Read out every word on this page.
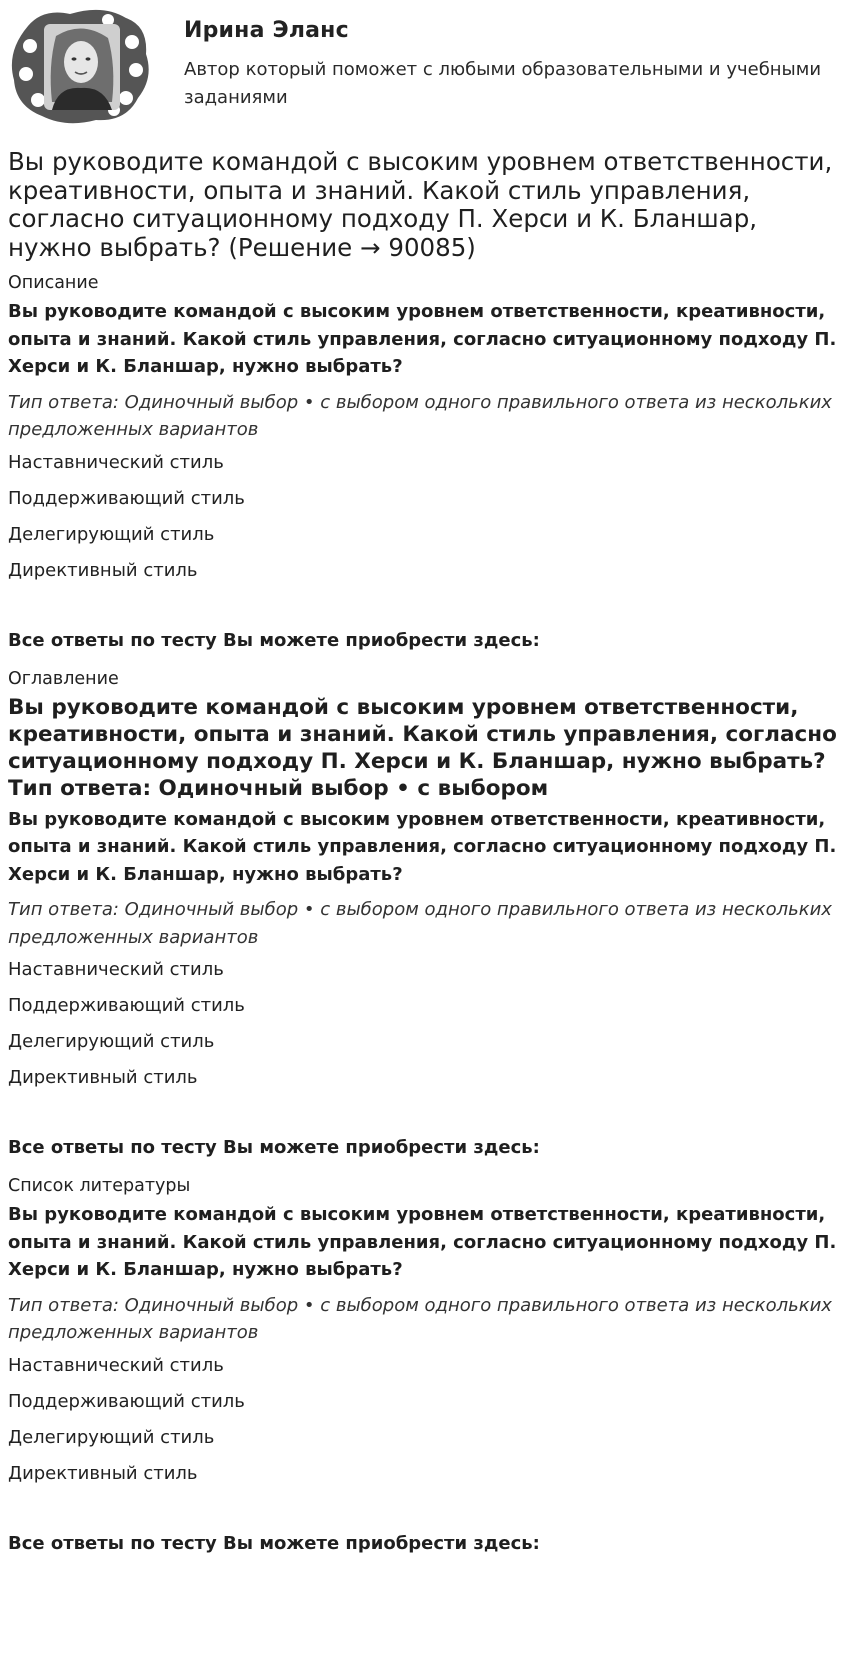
Ирина Эланс
Автор который поможет с любыми образовательными и учебными заданиями
Вы руководите командой с высоким уровнем ответственности, креативности, опыта и знаний. Какой стиль управления, согласно ситуационному подходу П. Херси и К. Бланшар, нужно выбрать? (Решение → 90085)

Описание

Вы руководите командой с высоким уровнем ответственности, креативности, опыта и знаний. Какой стиль управления, согласно ситуационному подходу П. Херси и К. Бланшар, нужно выбрать?

Тип ответа: Одиночный выбор • с выбором одного правильного ответа из нескольких предложенных вариантов

Наставнический стиль
Поддерживающий стиль
Делегирующий стиль
Директивный стиль

Все ответы по тесту Вы можете приобрести здесь:

Оглавление

Вы руководите командой с высоким уровнем ответственности, креативности, опыта и знаний. Какой стиль управления, согласно ситуационному подходу П. Херси и К. Бланшар, нужно выбрать?Тип ответа: Одиночный выбор • с выбором

Вы руководите командой с высоким уровнем ответственности, креативности, опыта и знаний. Какой стиль управления, согласно ситуационному подходу П. Херси и К. Бланшар, нужно выбрать?

Тип ответа: Одиночный выбор • с выбором одного правильного ответа из нескольких предложенных вариантов

Наставнический стиль
Поддерживающий стиль
Делегирующий стиль
Директивный стиль

Все ответы по тесту Вы можете приобрести здесь:

Список литературы

Вы руководите командой с высоким уровнем ответственности, креативности, опыта и знаний. Какой стиль управления, согласно ситуационному подходу П. Херси и К. Бланшар, нужно выбрать?

Тип ответа: Одиночный выбор • с выбором одного правильного ответа из нескольких предложенных вариантов

Наставнический стиль
Поддерживающий стиль
Делегирующий стиль
Директивный стиль

Все ответы по тесту Вы можете приобрести здесь:
